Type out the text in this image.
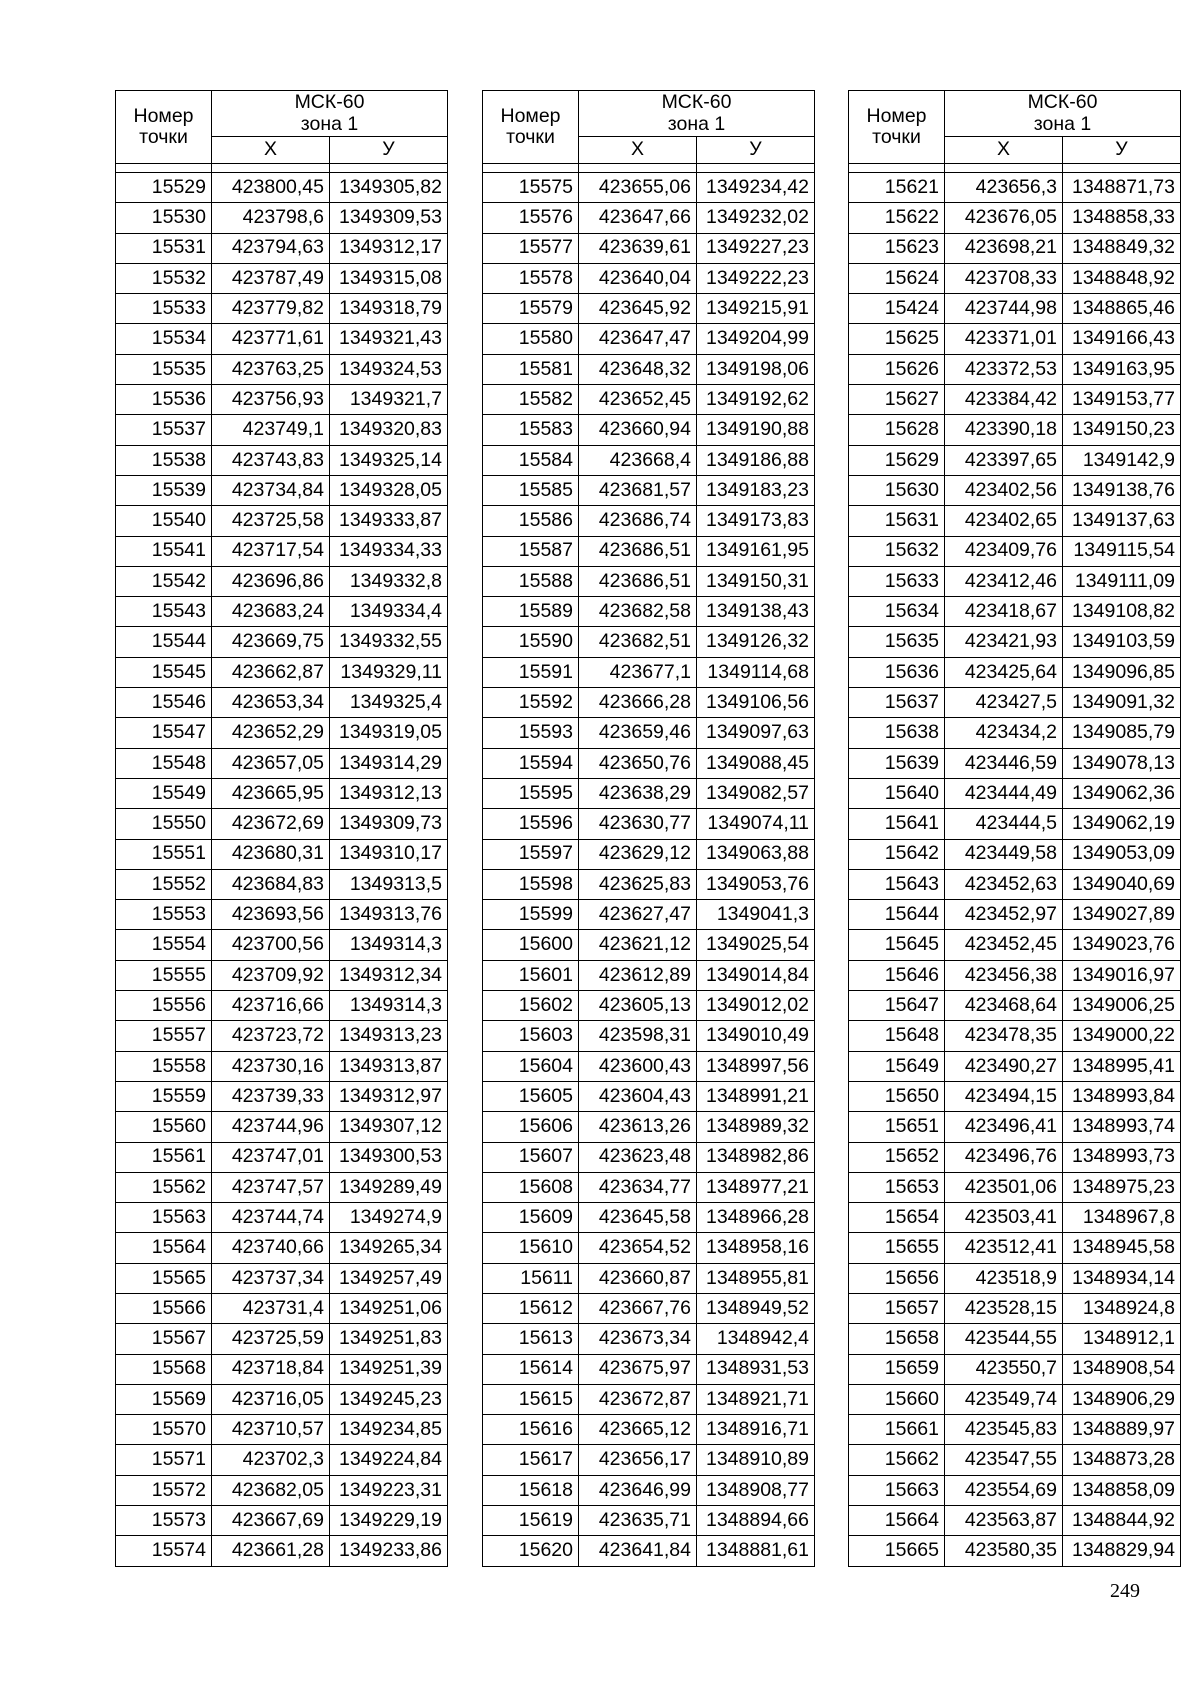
Номер точки	МСК-60
зона 1	

	Х	У

15529	423800,45	1349305,82
15530	423798,6	1349309,53
15531	423794,63	1349312,17
15532	423787,49	1349315,08
15533	423779,82	1349318,79
15534	423771,61	1349321,43
15535	423763,25	1349324,53
15536	423756,93	1349321,7
15537	423749,1	1349320,83
15538	423743,83	1349325,14
15539	423734,84	1349328,05
15540	423725,58	1349333,87
15541	423717,54	1349334,33
15542	423696,86	1349332,8
15543	423683,24	1349334,4
15544	423669,75	1349332,55
15545	423662,87	1349329,11
15546	423653,34	1349325,4
15547	423652,29	1349319,05
15548	423657,05	1349314,29
15549	423665,95	1349312,13
15550	423672,69	1349309,73
15551	423680,31	1349310,17
15552	423684,83	1349313,5
15553	423693,56	1349313,76
15554	423700,56	1349314,3
15555	423709,92	1349312,34
15556	423716,66	1349314,3
15557	423723,72	1349313,23
15558	423730,16	1349313,87
15559	423739,33	1349312,97
15560	423744,96	1349307,12
15561	423747,01	1349300,53
15562	423747,57	1349289,49
15563	423744,74	1349274,9
15564	423740,66	1349265,34
15565	423737,34	1349257,49
15566	423731,4	1349251,06
15567	423725,59	1349251,83
15568	423718,84	1349251,39
15569	423716,05	1349245,23
15570	423710,57	1349234,85
15571	423702,3	1349224,84
15572	423682,05	1349223,31
15573	423667,69	1349229,19
15574	423661,28	1349233,86
Номер точки	МСК-60
зона 1	

	Х	У

15575	423655,06	1349234,42
15576	423647,66	1349232,02
15577	423639,61	1349227,23
15578	423640,04	1349222,23
15579	423645,92	1349215,91
15580	423647,47	1349204,99
15581	423648,32	1349198,06
15582	423652,45	1349192,62
15583	423660,94	1349190,88
15584	423668,4	1349186,88
15585	423681,57	1349183,23
15586	423686,74	1349173,83
15587	423686,51	1349161,95
15588	423686,51	1349150,31
15589	423682,58	1349138,43
15590	423682,51	1349126,32
15591	423677,1	1349114,68
15592	423666,28	1349106,56
15593	423659,46	1349097,63
15594	423650,76	1349088,45
15595	423638,29	1349082,57
15596	423630,77	1349074,11
15597	423629,12	1349063,88
15598	423625,83	1349053,76
15599	423627,47	1349041,3
15600	423621,12	1349025,54
15601	423612,89	1349014,84
15602	423605,13	1349012,02
15603	423598,31	1349010,49
15604	423600,43	1348997,56
15605	423604,43	1348991,21
15606	423613,26	1348989,32
15607	423623,48	1348982,86
15608	423634,77	1348977,21
15609	423645,58	1348966,28
15610	423654,52	1348958,16
15611	423660,87	1348955,81
15612	423667,76	1348949,52
15613	423673,34	1348942,4
15614	423675,97	1348931,53
15615	423672,87	1348921,71
15616	423665,12	1348916,71
15617	423656,17	1348910,89
15618	423646,99	1348908,77
15619	423635,71	1348894,66
15620	423641,84	1348881,61
Номер точки	МСК-60
зона 1	

	Х	У

15621	423656,3	1348871,73
15622	423676,05	1348858,33
15623	423698,21	1348849,32
15624	423708,33	1348848,92
15424	423744,98	1348865,46
15625	423371,01	1349166,43
15626	423372,53	1349163,95
15627	423384,42	1349153,77
15628	423390,18	1349150,23
15629	423397,65	1349142,9
15630	423402,56	1349138,76
15631	423402,65	1349137,63
15632	423409,76	1349115,54
15633	423412,46	1349111,09
15634	423418,67	1349108,82
15635	423421,93	1349103,59
15636	423425,64	1349096,85
15637	423427,5	1349091,32
15638	423434,2	1349085,79
15639	423446,59	1349078,13
15640	423444,49	1349062,36
15641	423444,5	1349062,19
15642	423449,58	1349053,09
15643	423452,63	1349040,69
15644	423452,97	1349027,89
15645	423452,45	1349023,76
15646	423456,38	1349016,97
15647	423468,64	1349006,25
15648	423478,35	1349000,22
15649	423490,27	1348995,41
15650	423494,15	1348993,84
15651	423496,41	1348993,74
15652	423496,76	1348993,73
15653	423501,06	1348975,23
15654	423503,41	1348967,8
15655	423512,41	1348945,58
15656	423518,9	1348934,14
15657	423528,15	1348924,8
15658	423544,55	1348912,1
15659	423550,7	1348908,54
15660	423549,74	1348906,29
15661	423545,83	1348889,97
15662	423547,55	1348873,28
15663	423554,69	1348858,09
15664	423563,87	1348844,92
15665	423580,35	1348829,94
249
